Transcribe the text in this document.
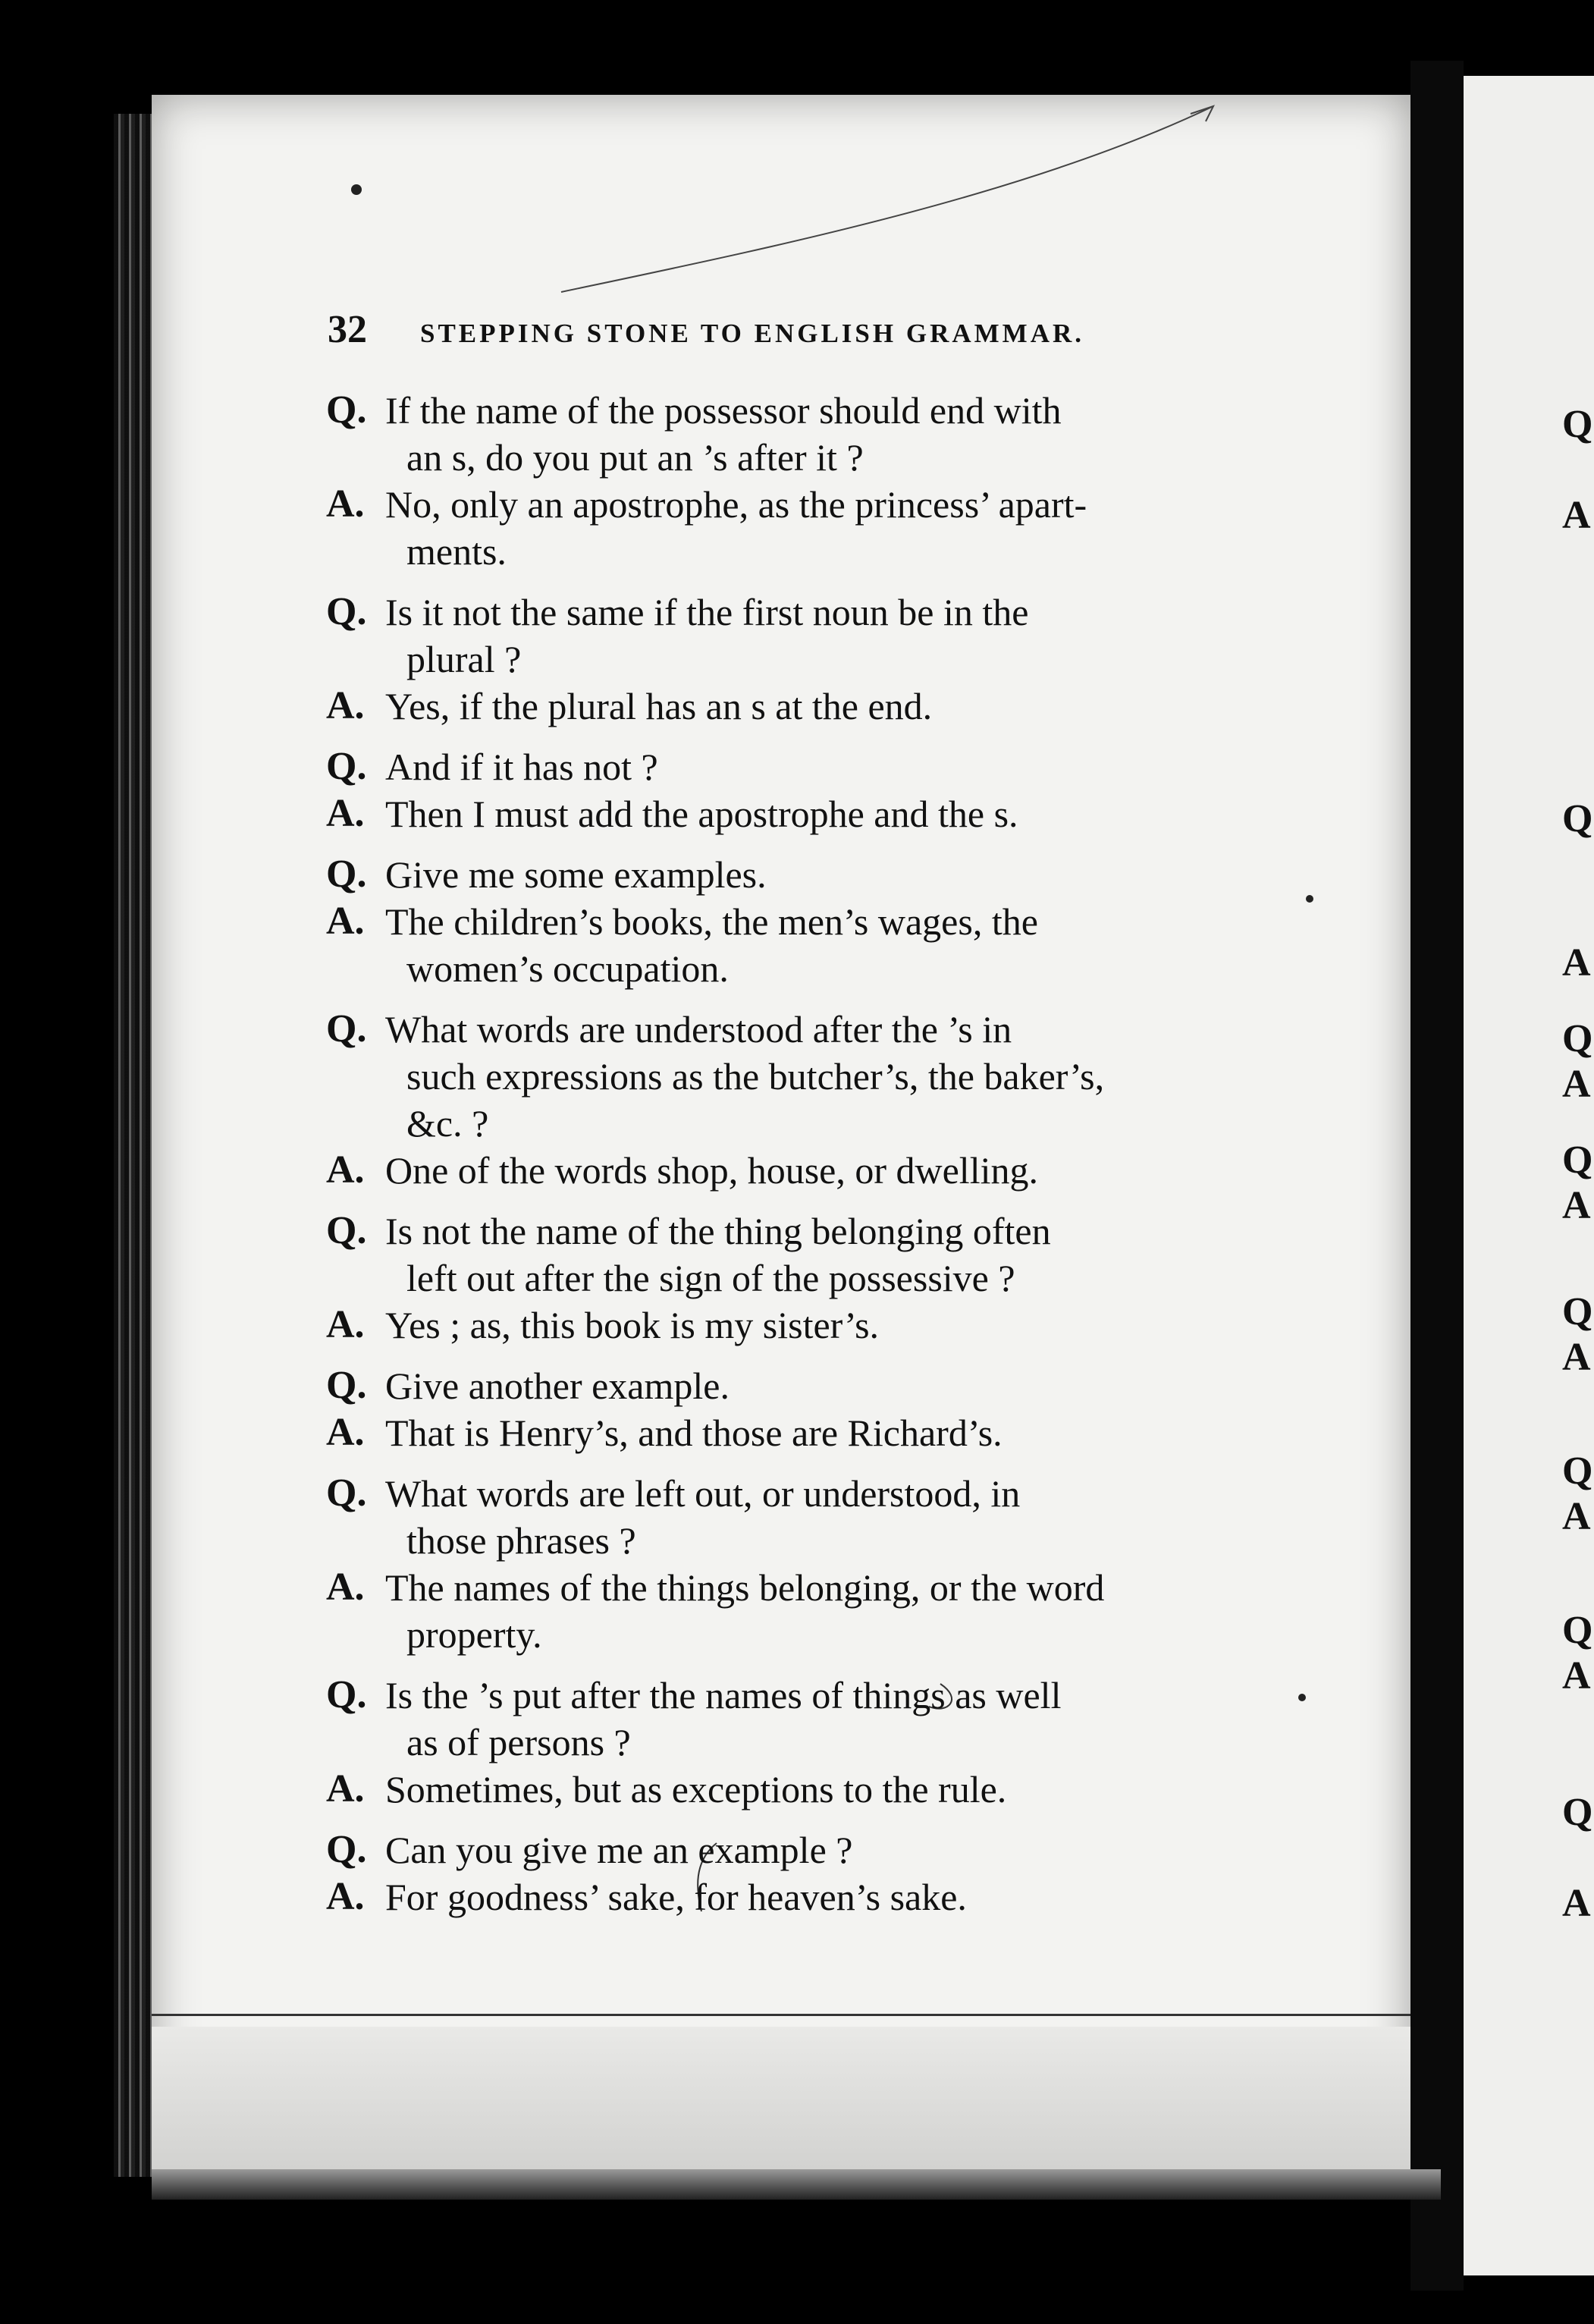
32 STEPPING STONE TO ENGLISH GRAMMAR.
Q. If the name of the possessor should end with
an s, do you put an ’s after it ?
A. No, only an apostrophe, as the princess’ apart-
ments.
Q. Is it not the same if the first noun be in the
plural ?
A. Yes, if the plural has an s at the end.
Q. And if it has not ?
A. Then I must add the apostrophe and the s.
Q. Give me some examples.
A. The children’s books, the men’s wages, the
women’s occupation.
Q. What words are understood after the ’s in
such expressions as the butcher’s, the baker’s,
&c. ?
A. One of the words shop, house, or dwelling.
Q. Is not the name of the thing belonging often
left out after the sign of the possessive ?
A. Yes ; as, this book is my sister’s.
Q. Give another example.
A. That is Henry’s, and those are Richard’s.
Q. What words are left out, or understood, in
those phrases ?
A. The names of the things belonging, or the word
property.
Q. Is the ’s put after the names of things as well
as of persons ?
A. Sometimes, but as exceptions to the rule.
Q. Can you give me an example ?
A. For goodness’ sake, for heaven’s sake.
Q
A
Q
A
Q
A
Q
A
Q
A
Q
A
Q
A
Q
A
